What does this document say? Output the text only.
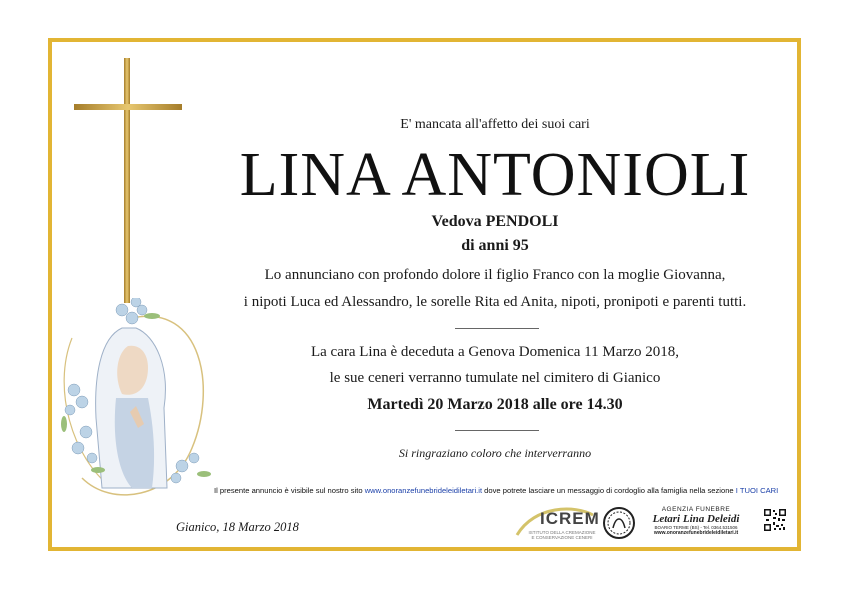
E' mancata all'affetto dei suoi cari
LINA ANTONIOLI
Vedova PENDOLI
di anni 95
Lo annunciano con profondo dolore il figlio Franco con la moglie Giovanna,
i nipoti Luca ed Alessandro, le sorelle Rita ed Anita, nipoti, pronipoti e parenti tutti.
La cara Lina è deceduta a Genova Domenica 11 Marzo 2018,
le sue ceneri verranno tumulate nel cimitero di Gianico
Martedì 20 Marzo 2018 alle ore 14.30
Si ringraziano coloro che interverranno
Il presente annuncio è visibile sul nostro sito www.onoranzefunebrideleidiletari.it dove potrete lasciare un messaggio di cordoglio alla famiglia nella sezione I TUOI CARI
Gianico, 18 Marzo 2018	ICREM
ISTITUTO DELLA CREMAZIONE E CONSERVAZIONE CENERI
AGENZIA FUNEBRE
Letari Lina Deleidi
BOARIO TERME (BS) - Tel. 0364.531506
www.onoranzefunebrideleidiletari.it
